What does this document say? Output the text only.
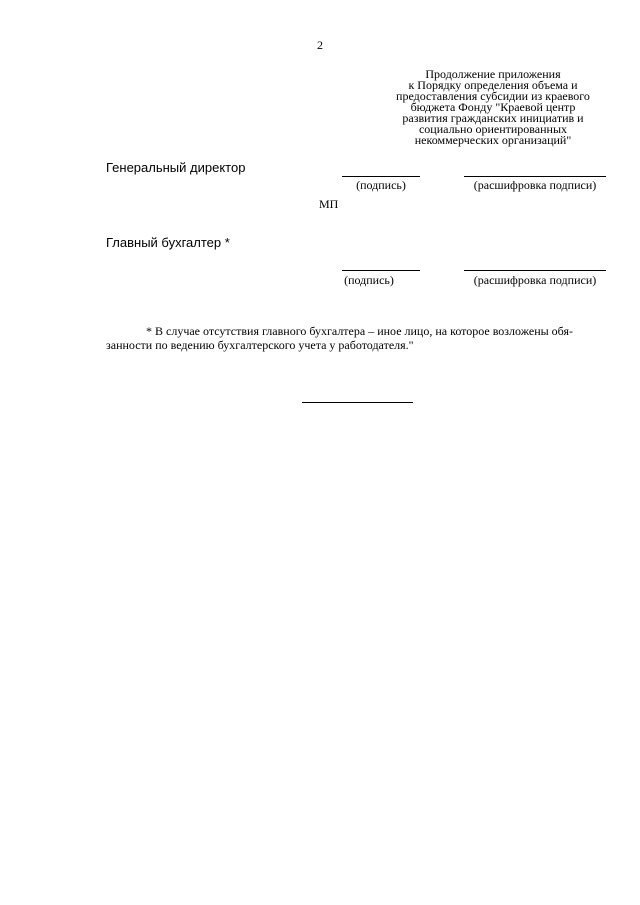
2
Продолжение приложения
к Порядку определения объема и
предоставления субсидии из краевого
бюджета Фонду "Краевой центр
развития гражданских инициатив и
социально ориентированных
некоммерческих организаций"
Генеральный директор
(подпись)	(расшифровка подписи)
МП
Главный бухгалтер *
(подпись)	(расшифровка подписи)
* В случае отсутствия главного бухгалтера – иное лицо, на которое возложены обя-
занности по ведению бухгалтерского учета у работодателя."
